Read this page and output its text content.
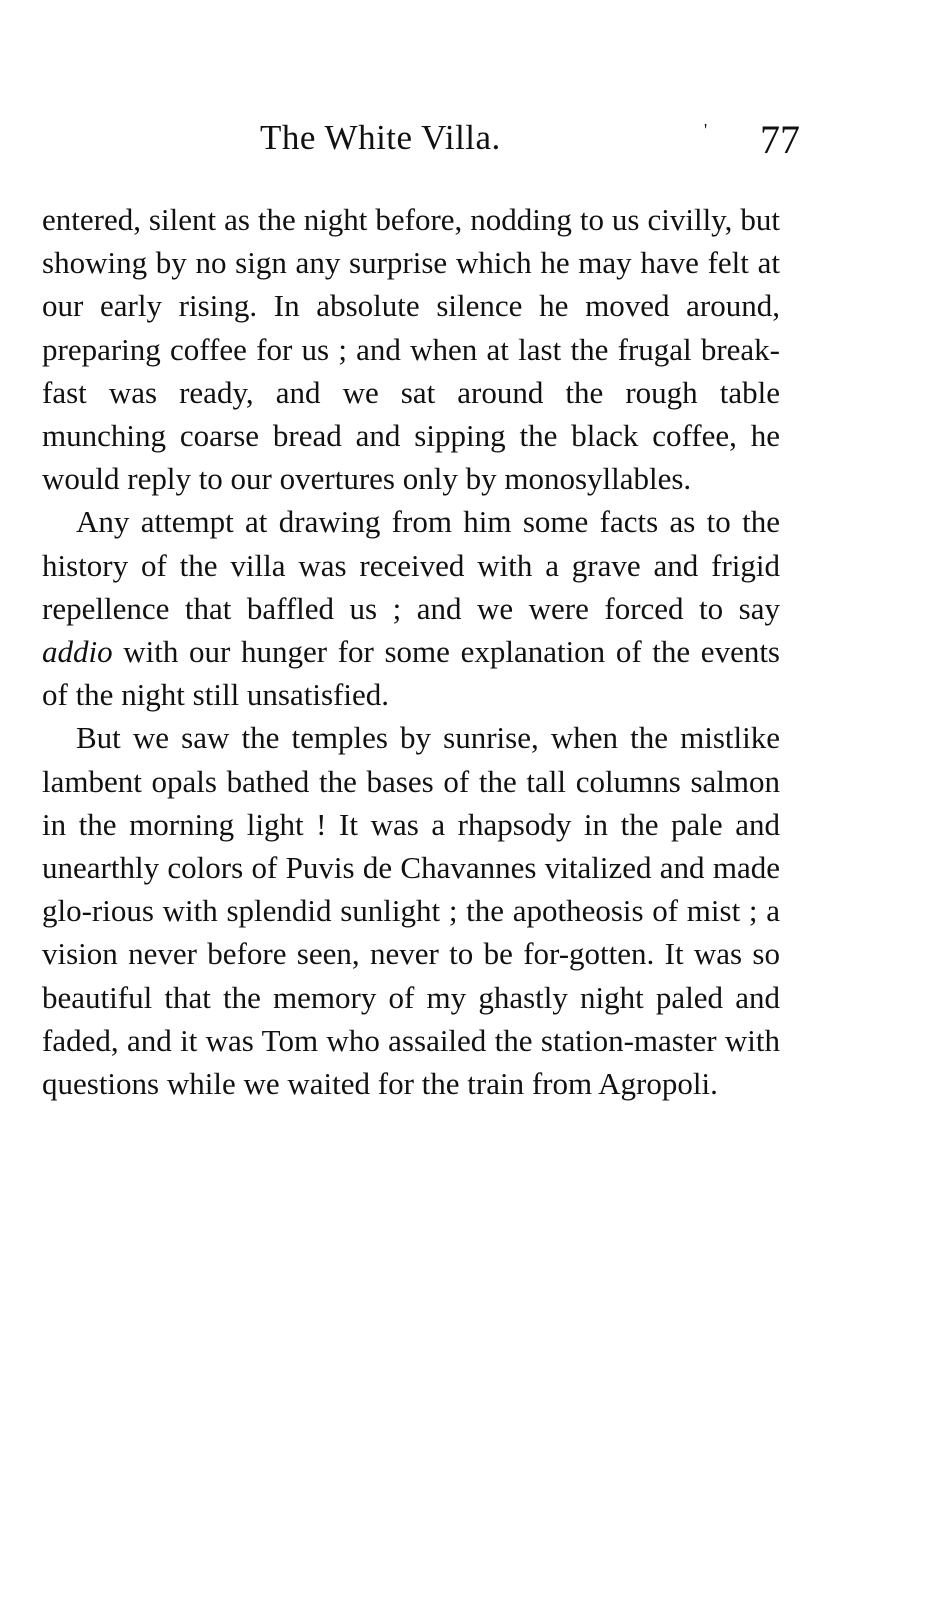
The White Villa.	' 77

entered, silent as the night before, nodding to us civilly, but showing by no sign any surprise which he may have felt at our early rising. In absolute silence he moved around, preparing coffee for us ; and when at last the frugal break-fast was ready, and we sat around the rough table munching coarse bread and sipping the black coffee, he would reply to our overtures only by monosyllables.

Any attempt at drawing from him some facts as to the history of the villa was received with a grave and frigid repellence that baffled us ; and we were forced to say addio with our hunger for some explanation of the events of the night still unsatisfied.

But we saw the temples by sunrise, when the mistlike lambent opals bathed the bases of the tall columns salmon in the morning light ! It was a rhapsody in the pale and unearthly colors of Puvis de Chavannes vitalized and made glo-rious with splendid sunlight ; the apotheosis of mist ; a vision never before seen, never to be for-gotten. It was so beautiful that the memory of my ghastly night paled and faded, and it was Tom who assailed the station-master with questions while we waited for the train from Agropoli.
